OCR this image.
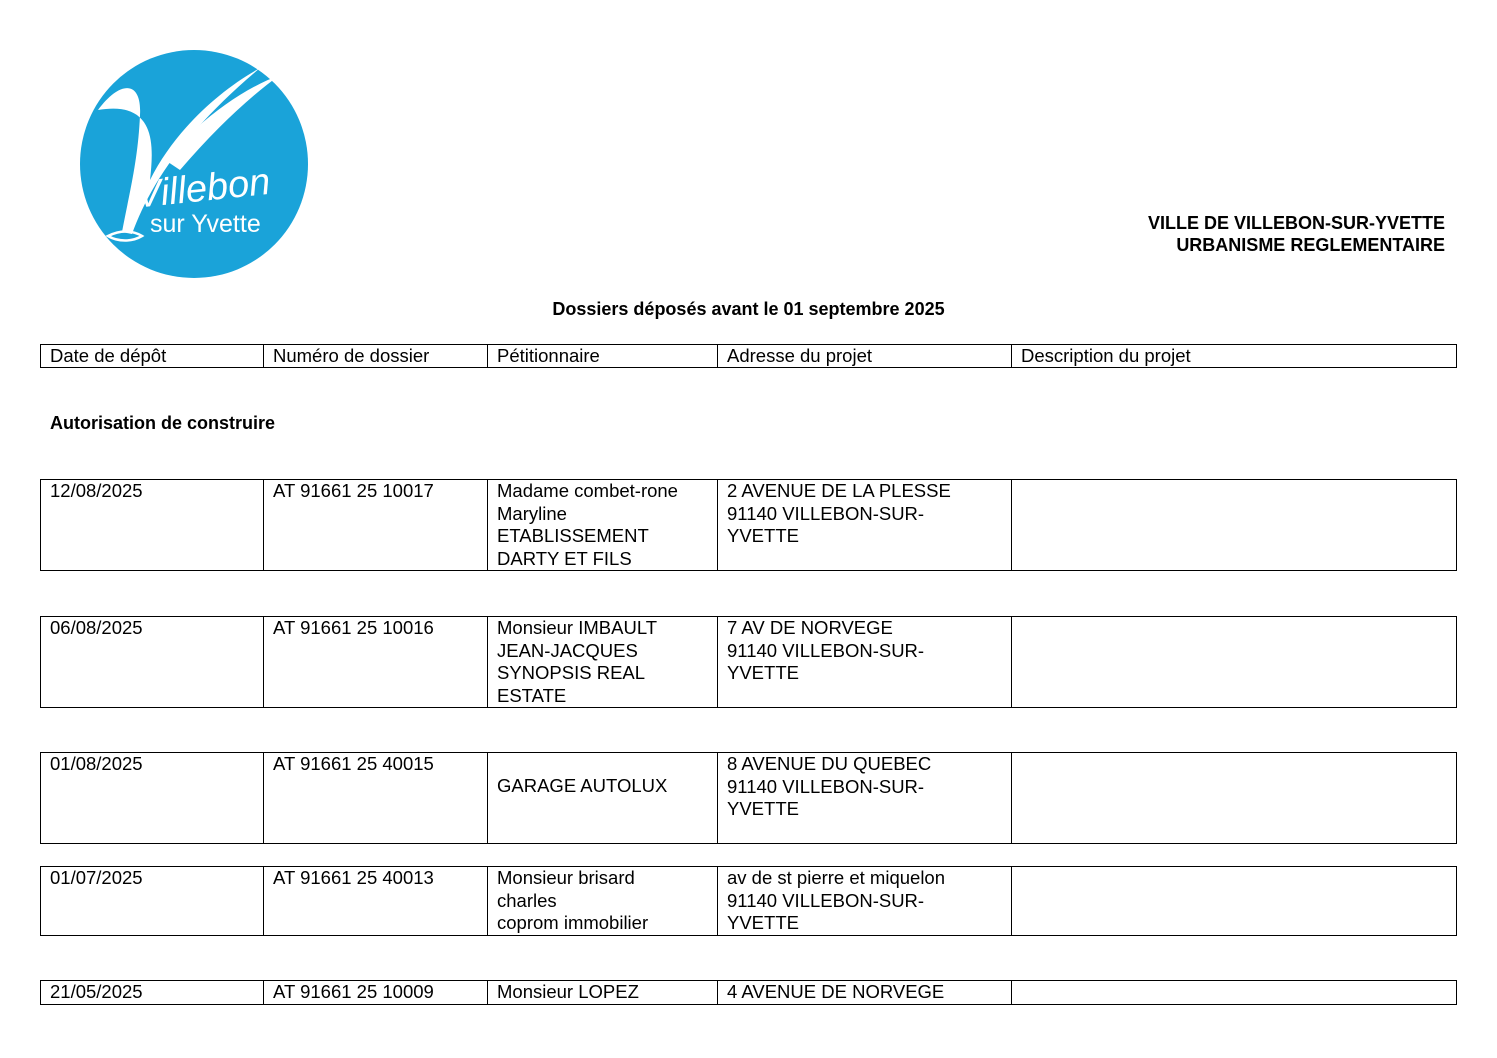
Villebon
sur Yvette	VILLE DE VILLEBON-SUR-YVETTE
URBANISME REGLEMENTAIRE
Dossiers déposés avant le 01 septembre 2025
Date de dépôt	Numéro de dossier	Pétitionnaire	Adresse du projet	Description du projet
Autorisation de construire
12/08/2025	AT 91661 25 10017	Madame combet-rone
Maryline
ETABLISSEMENT
DARTY ET FILS	2 AVENUE DE LA PLESSE
91140 VILLEBON-SUR-
YVETTE	
06/08/2025	AT 91661 25 10016	Monsieur IMBAULT
JEAN-JACQUES
SYNOPSIS REAL
ESTATE	7 AV DE NORVEGE
91140 VILLEBON-SUR-
YVETTE	
01/08/2025	AT 91661 25 40015	GARAGE AUTOLUX	8 AVENUE DU QUEBEC
91140 VILLEBON-SUR-
YVETTE	
01/07/2025	AT 91661 25 40013	Monsieur brisard
charles
coprom immobilier	av de st pierre et miquelon
91140 VILLEBON-SUR-
YVETTE	
21/05/2025	AT 91661 25 10009	Monsieur LOPEZ	4 AVENUE DE NORVEGE	
